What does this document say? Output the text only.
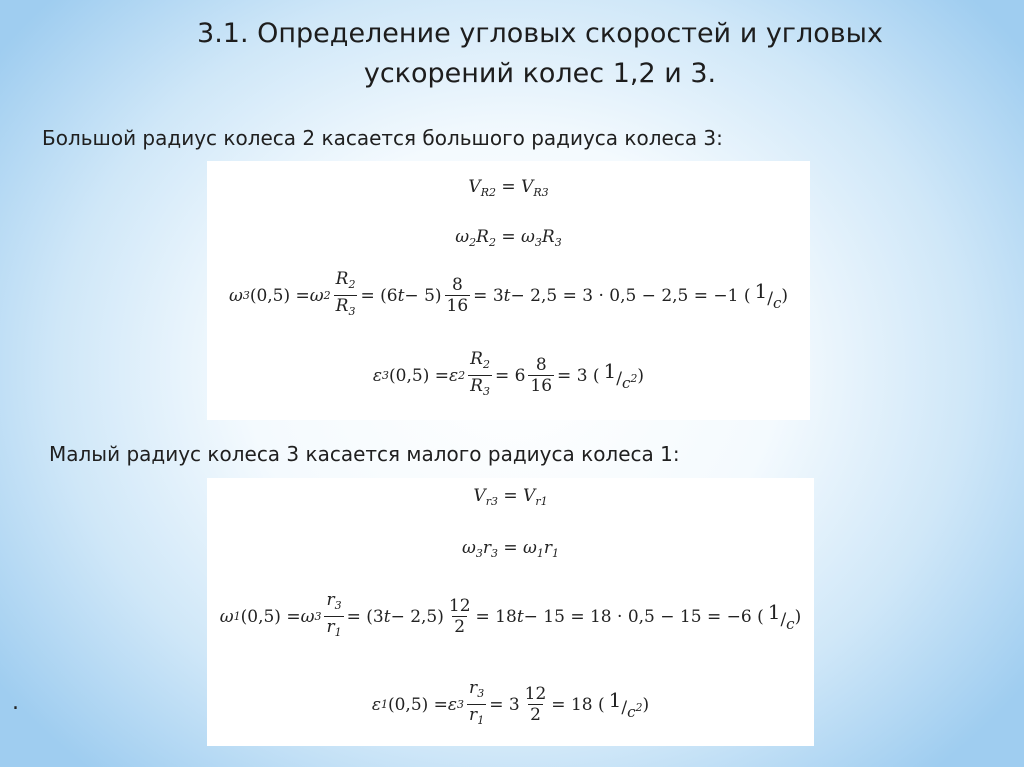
3.1. Определение угловых скоростей и угловых
ускорений колес 1,2 и 3.
Большой радиус колеса 2 касается большого радиуса колеса 3:
$V_{R2} = V_{R3}$
$\omega_2R_2 = \omega_3R_3$
ω 3 (0,5) = ω $2 \frac{R_2}{R_3} = (6$ $t - 5) \frac{8}{16} = 3$ t − 2,5 = 3 · 0,5 − 2,5 = −1 ( $^1/_c$ )
ε 3 (0,5) = ε $2 \frac{R_2}{R_3} = 6 \frac{8}{16} = 3$ ( $^1/_{c^2}$ )
Малый радиус колеса 3 касается малого радиуса колеса 1:
$V_{r3} = V_{r1}$
$\omega_3r_3 = \omega_1r_1$
ω 1 (0,5) = ω $3 \frac{r_3}{r_1} = (3$ $t - 2,5) \frac{12}{2} = 18$ t − 15 = 18 · 0,5 − 15 = −6 ( $^1/_c$ )
ε 1 (0,5) = ε $3 \frac{r_3}{r_1} = 3 \frac{12}{2} = 18$ ( $^1/_{c^2}$ )
.
